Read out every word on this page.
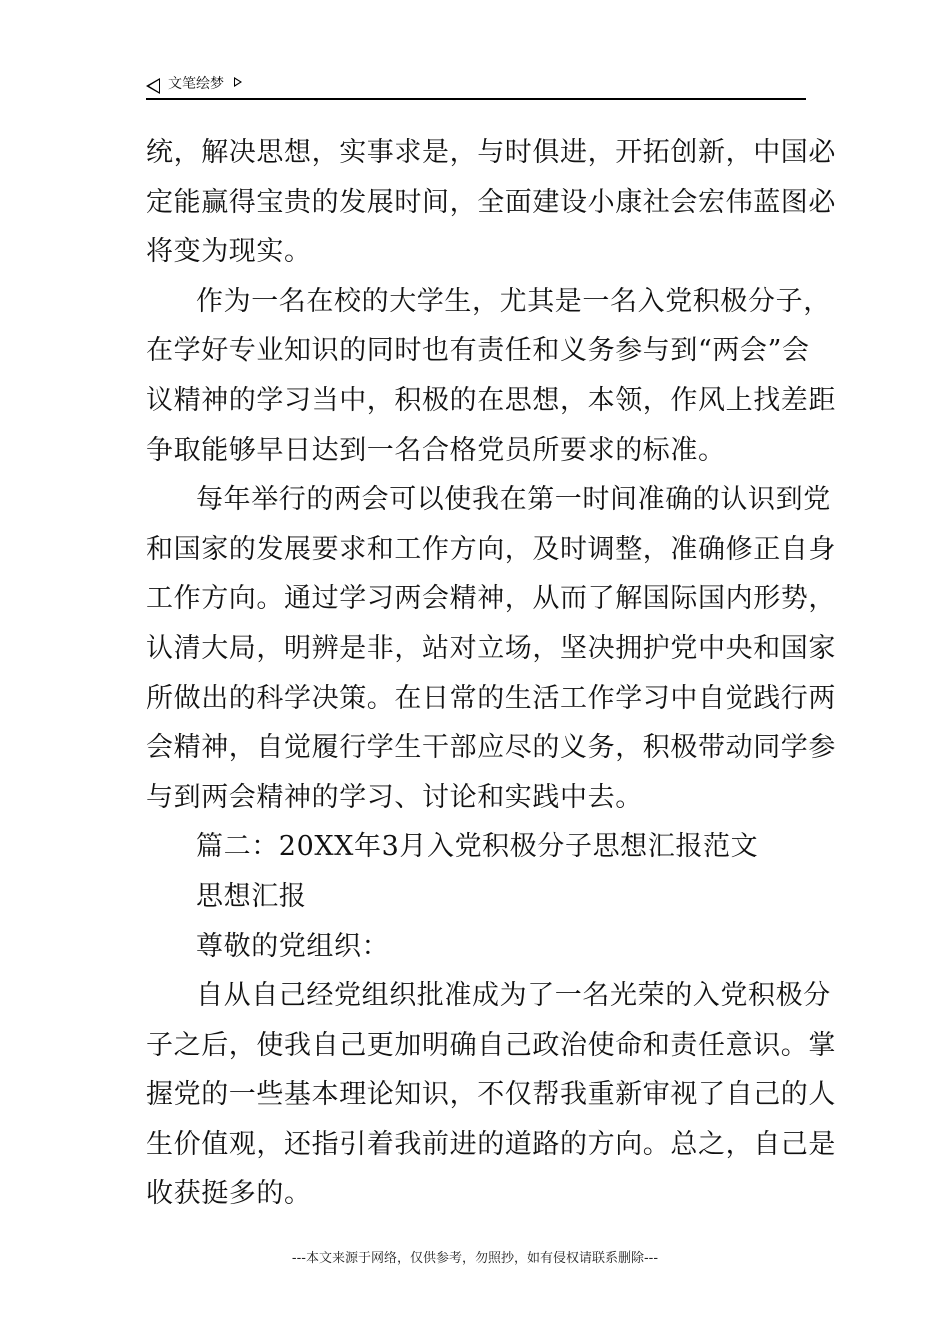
文笔绘梦
统，解决思想，实事求是，与时俱进，开拓创新，中国必
定能赢得宝贵的发展时间，全面建设小康社会宏伟蓝图必
将变为现实。
作为一名在校的大学生，尤其是一名入党积极分子，
在学好专业知识的同时也有责任和义务参与到“两会”会
议精神的学习当中，积极的在思想，本领，作风上找差距
争取能够早日达到一名合格党员所要求的标准。
每年举行的两会可以使我在第一时间准确的认识到党
和国家的发展要求和工作方向，及时调整，准确修正自身
工作方向。通过学习两会精神，从而了解国际国内形势，
认清大局，明辨是非，站对立场，坚决拥护党中央和国家
所做出的科学决策。在日常的生活工作学习中自觉践行两
会精神，自觉履行学生干部应尽的义务，积极带动同学参
与到两会精神的学习、讨论和实践中去。
篇二：20XX年3月入党积极分子思想汇报范文
思想汇报
尊敬的党组织：
自从自己经党组织批准成为了一名光荣的入党积极分
子之后，使我自己更加明确自己政治使命和责任意识。掌
握党的一些基本理论知识，不仅帮我重新审视了自己的人
生价值观，还指引着我前进的道路的方向。总之，自己是
收获挺多的。
---本文来源于网络，仅供参考，勿照抄，如有侵权请联系删除---
